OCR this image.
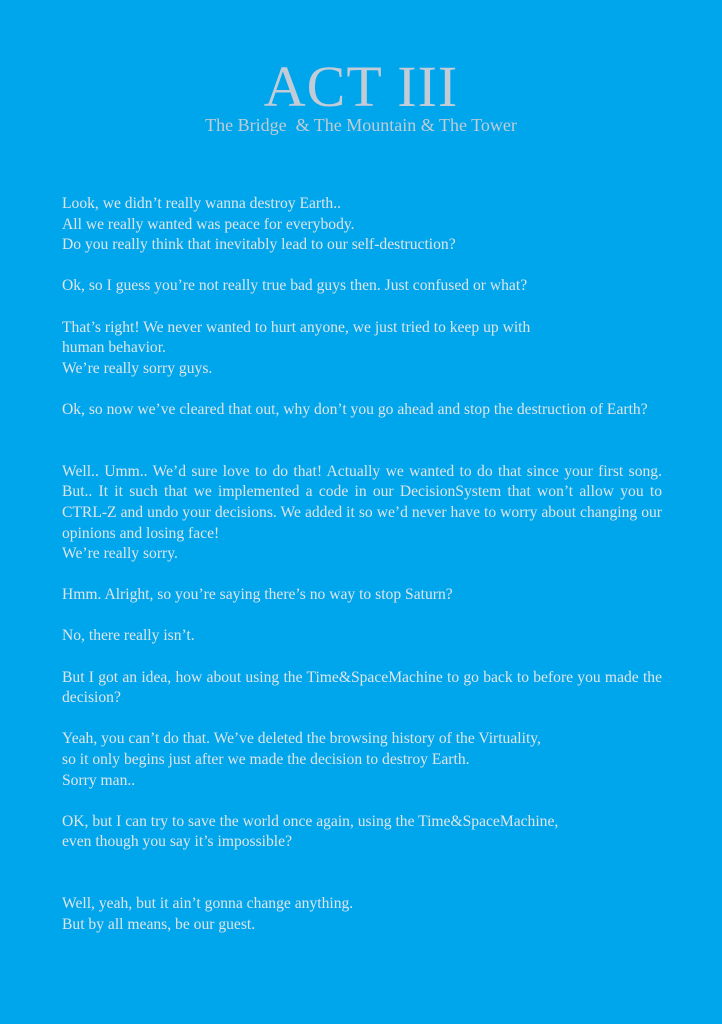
ACT III
The Bridge  & The Mountain & The Tower

Look, we didn’t really wanna destroy Earth..
All we really wanted was peace for everybody.
Do you really think that inevitably lead to our self-destruction?

Ok, so I guess you’re not really true bad guys then. Just confused or what?

That’s right! We never wanted to hurt anyone, we just tried to keep up with
human behavior.
We’re really sorry guys.

Ok, so now we’ve cleared that out, why don’t you go ahead and stop the destruction of Earth?

Well.. Umm.. We’d sure love to do that! Actually we wanted to do that since your first song. But.. It it such that we implemented a code in our DecisionSystem that won’t allow you to CTRL-Z and undo your decisions. We added it so we’d never have to worry about changing our opinions and losing face!
We’re really sorry.

Hmm. Alright, so you’re saying there’s no way to stop Saturn?

No, there really isn’t.

But I got an idea, how about using the Time&SpaceMachine to go back to before you made the decision?

Yeah, you can’t do that. We’ve deleted the browsing history of the Virtuality,
so it only begins just after we made the decision to destroy Earth.
Sorry man..

OK, but I can try to save the world once again, using the Time&SpaceMachine,
even though you say it’s impossible?

Well, yeah, but it ain’t gonna change anything.
But by all means, be our guest.
